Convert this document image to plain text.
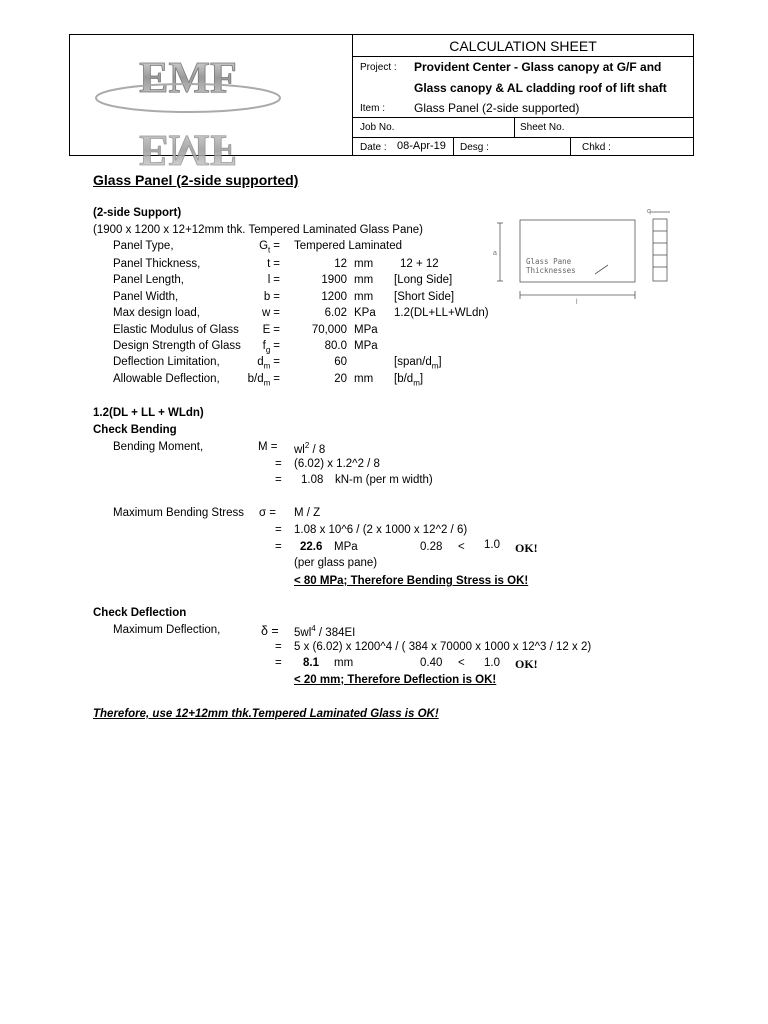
EMF
EMF
CALCULATION SHEET
Project : Provident Center - Glass canopy at G/F and
Glass canopy & AL cladding roof of lift shaft
Item : Glass Panel (2-side supported)
Job No.	Sheet No.
Date : 08-Apr-19 Desg :	Chkd :
Glass Panel (2-side supported)
(2-side Support)
(1900 x 1200 x 12+12mm thk. Tempered Laminated Glass Pane)
Panel Type,	$G_t$ = Tempered Laminated
Panel Thickness,	t =	12 mm 12 + 12
Panel Length,	l =	1900 mm [Long Side]
Panel Width,	b =	1200 mm [Short Side]
Max design load,	w =	6.02 KPa 1.2(DL+LL+WLdn)
Elastic Modulus of Glass	E =	70,000 MPa
Design Strength of Glass	$f_g$ =	80.0 MPa
Deflection Limitation,	$d_m$ =	60	$[span/d_m]$
Allowable Deflection,	$b/d_m$ =	20 mm $[b/d_m]$
Glass Pane
Thicknesses
q
a
l
1.2(DL + LL + WLdn)
Check Bending
Bending Moment,	$M = wl^2 / 8$
= (6.02) x 1.2^2 / 8
= 1.08 kN-m (per m width)
Maximum Bending Stress	σ = M / Z
= 1.08 x 10^6 / (2 x 1000 x 12^2 / 6)
= 22.6 MPa	0.28 < 1.0 OK!
(per glass pane)
< 80 MPa; Therefore Bending Stress is OK!
Check Deflection
Maximum Deflection,	$\delta = 5wl^4 / 384EI$
= 5 x (6.02) x 1200^4 / ( 384 x 70000 x 1000 x 12^3 / 12 x 2)
= 8.1 mm	0.40 < 1.0 OK!
< 20 mm; Therefore Deflection is OK!
Therefore, use 12+12mm thk.Tempered Laminated Glass is OK!
